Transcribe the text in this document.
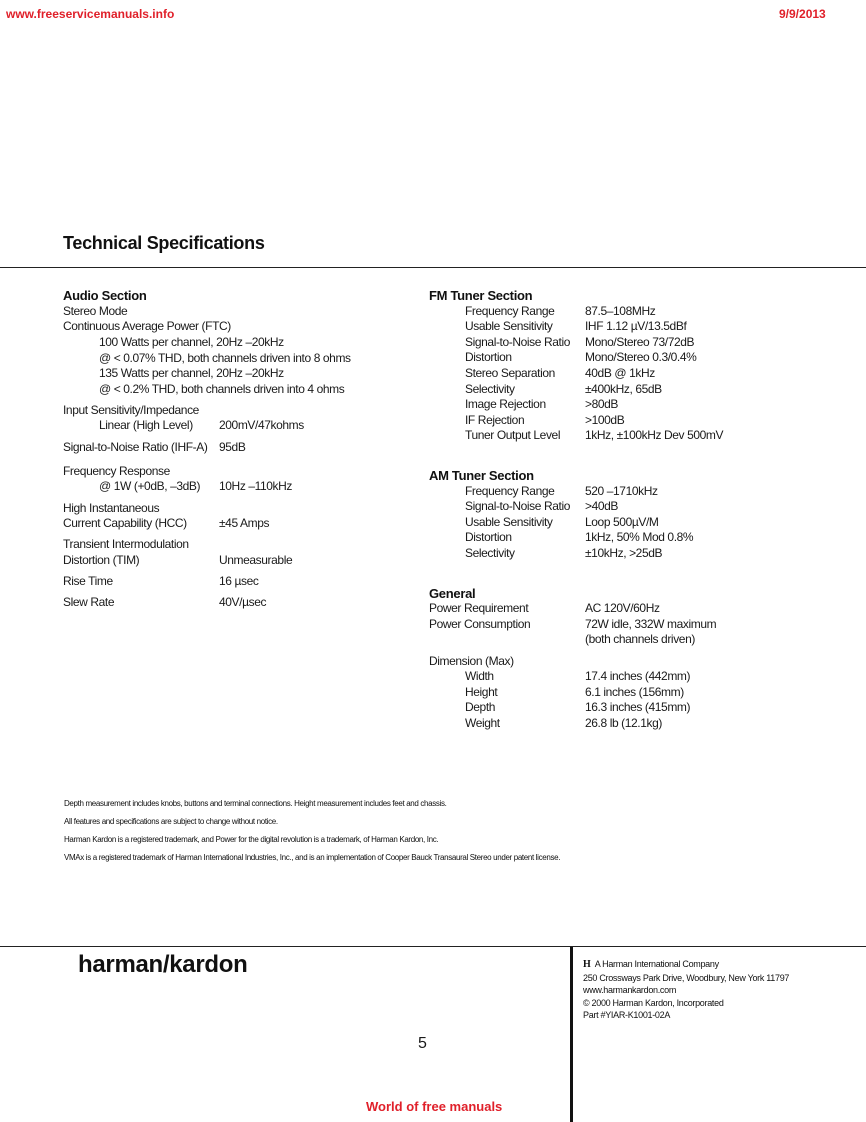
www.freeservicemanuals.info	9/9/2013
Technical Specifications
Audio Section
Stereo Mode
Continuous Average Power (FTC)
100 Watts per channel, 20Hz –20kHz
@ < 0.07% THD, both channels driven into 8 ohms
135 Watts per channel, 20Hz –20kHz
@ < 0.2% THD, both channels driven into 4 ohms
Input Sensitivity/Impedance
Linear (High Level) 200mV/47kohms
Signal-to-Noise Ratio (IHF-A) 95dB
Frequency Response
@ 1W (+0dB, –3dB) 10Hz –110kHz
High Instantaneous
Current Capability (HCC)	±45 Amps
Transient Intermodulation
Distortion (TIM)	Unmeasurable
Rise Time	16 µsec
Slew Rate	40V/µsec
FM Tuner Section
Frequency Range	87.5–108MHz
Usable Sensitivity	IHF 1.12 µV/13.5dBf
Signal-to-Noise Ratio Mono/Stereo 73/72dB
Distortion	Mono/Stereo 0.3/0.4%
Stereo Separation	40dB @ 1kHz
Selectivity	±400kHz, 65dB
Image Rejection	>80dB
IF Rejection	>100dB
Tuner Output Level 1kHz, ±100kHz Dev 500mV
AM Tuner Section
Frequency Range	520 –1710kHz
Signal-to-Noise Ratio >40dB
Usable Sensitivity	Loop 500µV/M
Distortion	1kHz, 50% Mod 0.8%
Selectivity	±10kHz, >25dB
General
Power Requirement	AC 120V/60Hz
Power Consumption	72W idle, 332W maximum
(both channels driven)
Dimension (Max)
Width	17.4 inches (442mm)
Height	6.1 inches (156mm)
Depth	16.3 inches (415mm)
Weight	26.8 lb (12.1kg)
Depth measurement includes knobs, buttons and terminal connections. Height measurement includes feet and chassis.
All features and specifications are subject to change without notice.
Harman Kardon is a registered trademark, and Power for the digital revolution is a trademark, of Harman Kardon, Inc.
VMAx is a registered trademark of Harman International Industries, Inc., and is an implementation of Cooper Bauck Transaural Stereo under patent license.
harman/kardon	H A Harman International Company
250 Crossways Park Drive, Woodbury, New York 11797
www.harmankardon.com
© 2000 Harman Kardon, Incorporated
Part #YIAR-K1001-02A
5
World of free manuals
